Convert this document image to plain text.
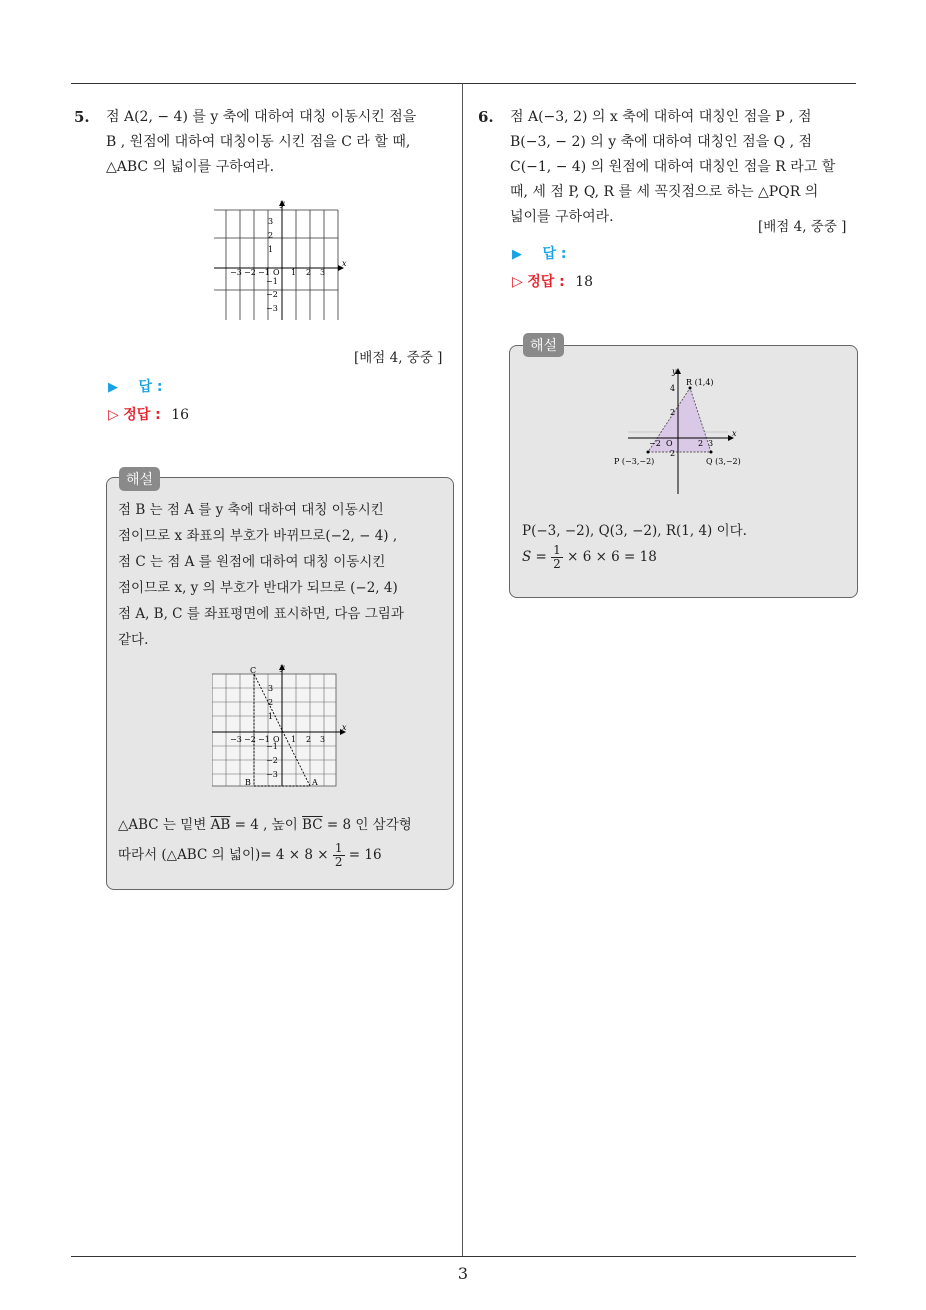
5. 점 A(2, − 4) 를 y 축에 대하여 대칭 이동시킨 점을
B , 원점에 대하여 대칭이동 시킨 점을 C 라 할 때,
△ABC 의 넓이를 구하여라.
x
y
−3 −2 −1 O 1 2 3
3
2
1
−1
−2
−3
[배점 4, 중중 ]
▶ 답 :
▷ 정답 : 16
해설
점 B 는 점 A 를 y 축에 대하여 대칭 이동시킨
점이므로 x 좌표의 부호가 바뀌므로(−2, − 4) ,
점 C 는 점 A 를 원점에 대하여 대칭 이동시킨
점이므로 x, y 의 부호가 반대가 되므로 (−2, 4)
점 A, B, C 를 좌표평면에 표시하면, 다음 그림과
같다.
C
B	A
x
y
−3 −2 −1 O 1 2 3
3
2
1
−1
−2
−3
△ABC 는 밑변 $\overline{AB} = 4$ , 높이 $\overline{BC} = 8$ 인 삼각형
따라서 (△ABC 의 넓이)= $4 \times 8 \times \frac{1}{2} = 16$
6. 점 A(−3, 2) 의 x 축에 대하여 대칭인 점을 P , 점
B(−3, − 2) 의 y 축에 대하여 대칭인 점을 Q , 점
C(−1, − 4) 의 원점에 대하여 대칭인 점을 R 라고 할
때, 세 점 P, Q, R 를 세 꼭짓점으로 하는 △PQR 의
넓이를 구하여라.
[배점 4, 중중 ]
▶ 답 :
▷ 정답 : 18
해설
x
y
R (1,4)
P (−3,−2)	Q (3,−2)
4
2
2
−2	2 3
O
P(−3, −2), Q(3, −2), R(1, 4) 이다.
$S = \frac{1}{2} \times 6 \times 6 = 18$
3
